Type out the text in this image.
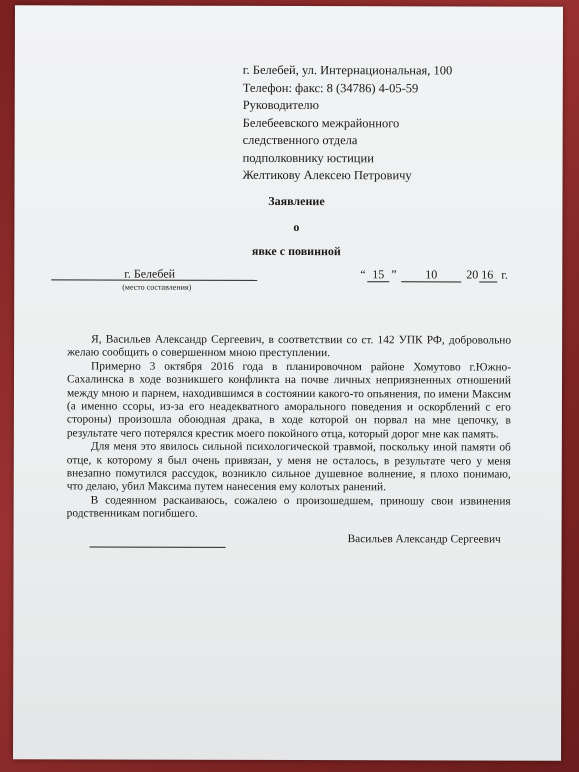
г. Белебей, ул. Интернациональная, 100
Телефон: факс: 8 (34786) 4-05-59
Руководителю
Белебеевского межрайонного
следственного отдела
подполковнику юстиции
Желтикову Алексею Петровичу
Заявление
о
явке с повинной
г. Белебей
(место составления)
“ 15 ” 10 20 16 г.

Я, Васильев Александр Сергеевич, в соответствии со ст. 142 УПК РФ, добровольно желаю сообщить о совершенном мною преступлении.

Примерно 3 октября 2016 года в планировочном районе Хомутово г.Южно-Сахалинска в ходе возникшего конфликта на почве личных неприязненных отношений между мною и парнем, находившимся в состоянии какого-то опьянения, по имени Максим (а именно ссоры, из-за его неадекватного аморального поведения и оскорблений с его стороны) произошла обоюдная драка, в ходе которой он порвал на мне цепочку, в результате чего потерялся крестик моего покойного отца, который дорог мне как память.

Для меня это явилось сильной психологической травмой, поскольку иной памяти об отце, к которому я был очень привязан, у меня не осталось, в результате чего у меня внезапно помутился рассудок, возникло сильное душевное волнение, я плохо понимаю, что делаю, убил Максима путем нанесения ему колотых ранений.

В содеянном раскаиваюсь, сожалею о произошедшем, приношу свои извинения родственникам погибшего.

Васильев Александр Сергеевич
